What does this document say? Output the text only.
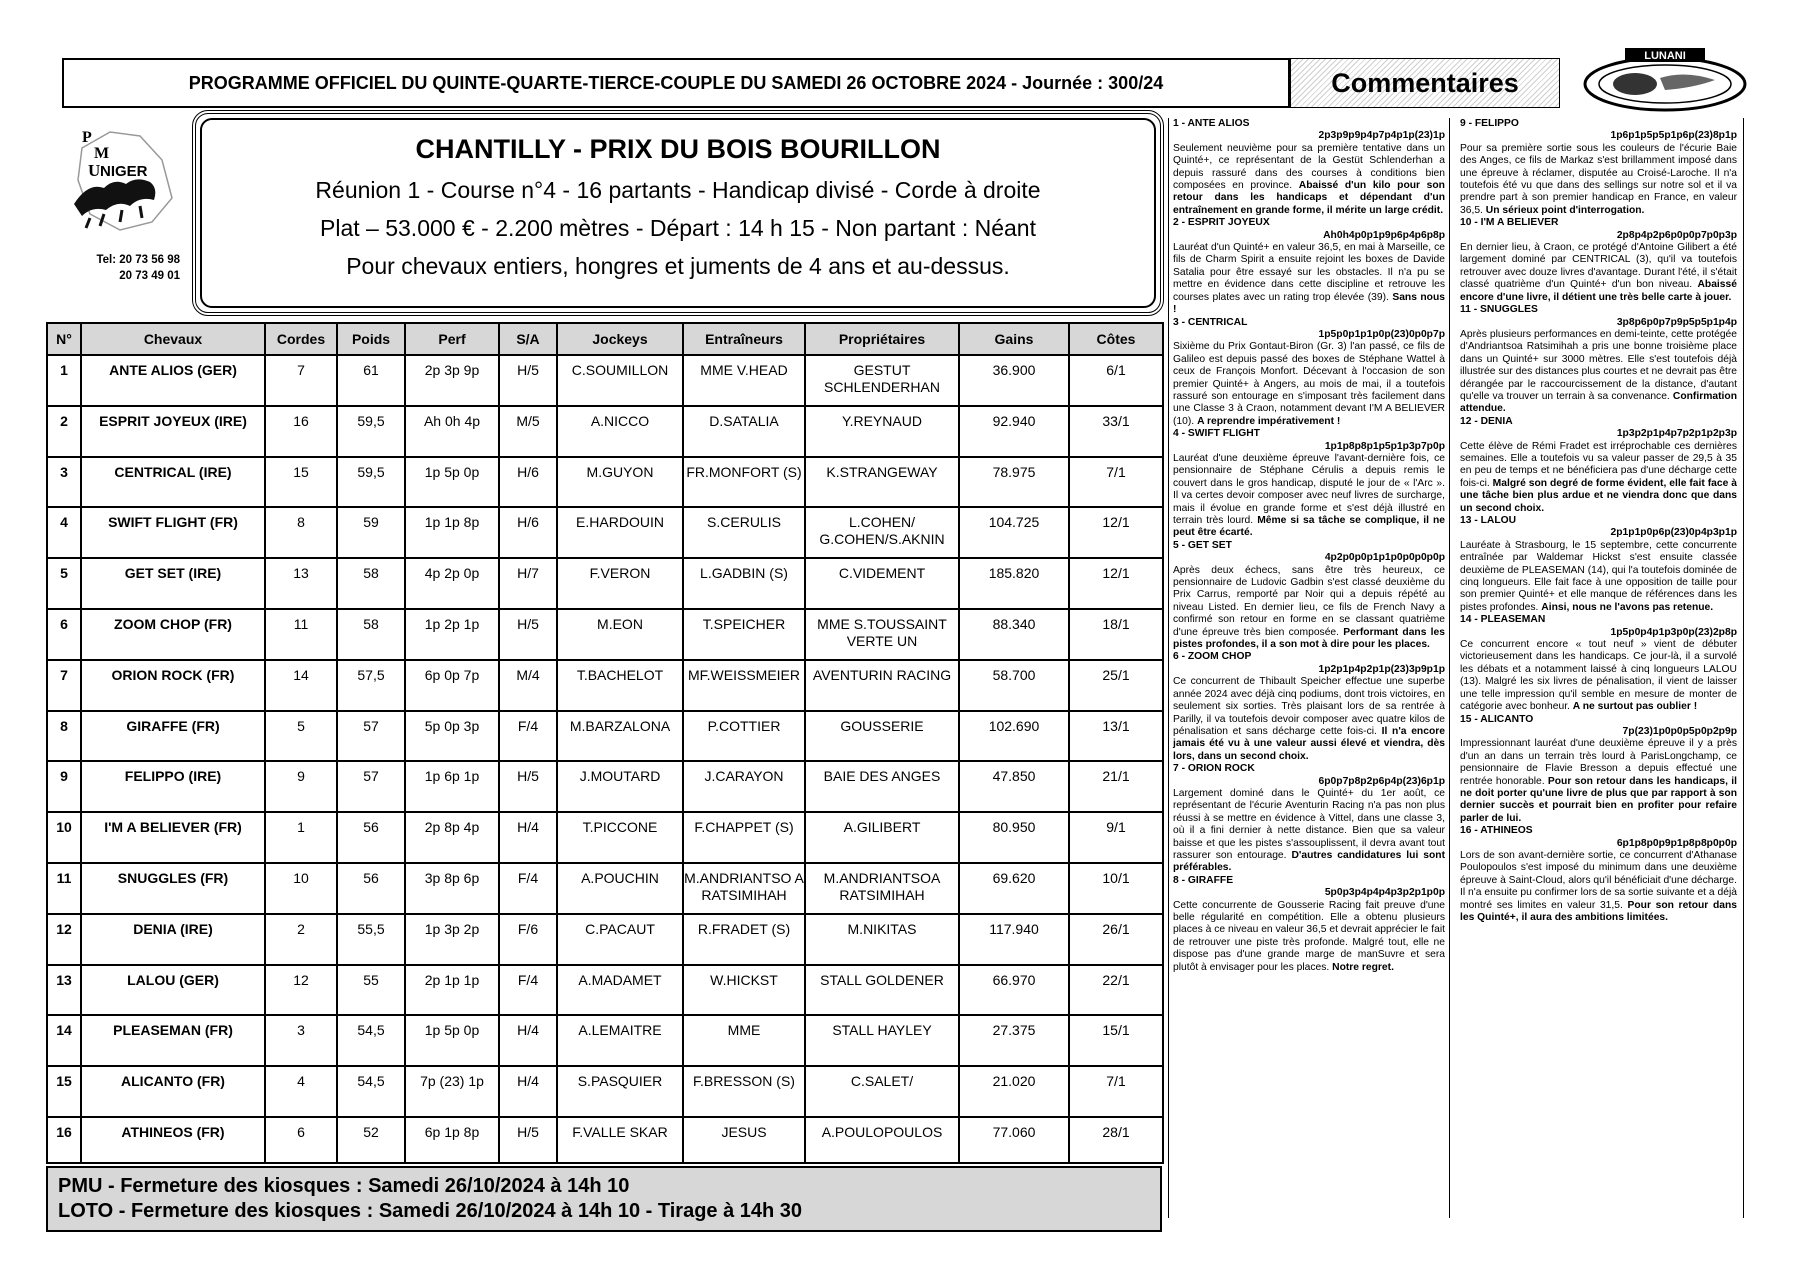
PROGRAMME OFFICIEL DU QUINTE-QUARTE-TIERCE-COUPLE DU SAMEDI 26 OCTOBRE 2024 - Journée : 300/24	Commentaires
LUNANI
P
M
U NIGER
Tel: 20 73 56 98
20 73 49 01
CHANTILLY - PRIX DU BOIS BOURILLON
Réunion 1 - Course n°4 - 16 partants - Handicap divisé - Corde à droite
Plat – 53.000 € - 2.200 mètres - Départ : 14 h 15 - Non partant : Néant
Pour chevaux entiers, hongres et juments de 4 ans et au-dessus.
N°	Chevaux	Cordes	Poids	Perf	S/A	Jockeys	Entraîneurs	Propriétaires	Gains	Côtes
1	ANTE ALIOS (GER)	7	61	2p 3p 9p	H/5	C.SOUMILLON	MME V.HEAD	GESTUT SCHLENDERHAN	36.900	6/1
2	ESPRIT JOYEUX (IRE)	16	59,5	Ah 0h 4p	M/5	A.NICCO	D.SATALIA	Y.REYNAUD	92.940	33/1
3	CENTRICAL (IRE)	15	59,5	1p 5p 0p	H/6	M.GUYON	FR.MONFORT (S)	K.STRANGEWAY	78.975	7/1
4	SWIFT FLIGHT (FR)	8	59	1p 1p 8p	H/6	E.HARDOUIN	S.CERULIS	L.COHEN/ G.COHEN/S.AKNIN	104.725	12/1
5	GET SET (IRE)	13	58	4p 2p 0p	H/7	F.VERON	L.GADBIN (S)	C.VIDEMENT	185.820	12/1
6	ZOOM CHOP (FR)	11	58	1p 2p 1p	H/5	M.EON	T.SPEICHER	MME S.TOUSSAINT VERTE UN	88.340	18/1
7	ORION ROCK (FR)	14	57,5	6p 0p 7p	M/4	T.BACHELOT	MF.WEISSMEIER	AVENTURIN RACING	58.700	25/1
8	GIRAFFE (FR)	5	57	5p 0p 3p	F/4	M.BARZALONA	P.COTTIER	GOUSSERIE	102.690	13/1
9	FELIPPO (IRE)	9	57	1p 6p 1p	H/5	J.MOUTARD	J.CARAYON	BAIE DES ANGES	47.850	21/1
10	I'M A BELIEVER (FR)	1	56	2p 8p 4p	H/4	T.PICCONE	F.CHAPPET (S)	A.GILIBERT	80.950	9/1
11	SNUGGLES (FR)	10	56	3p 8p 6p	F/4	A.POUCHIN	M.ANDRIANTSO A RATSIMIHAH	M.ANDRIANTSOA RATSIMIHAH	69.620	10/1
12	DENIA (IRE)	2	55,5	1p 3p 2p	F/6	C.PACAUT	R.FRADET (S)	M.NIKITAS	117.940	26/1
13	LALOU (GER)	12	55	2p 1p 1p	F/4	A.MADAMET	W.HICKST	STALL GOLDENER	66.970	22/1
14	PLEASEMAN (FR)	3	54,5	1p 5p 0p	H/4	A.LEMAITRE	MME	STALL HAYLEY	27.375	15/1
15	ALICANTO (FR)	4	54,5	7p (23) 1p	H/4	S.PASQUIER	F.BRESSON (S)	C.SALET/	21.020	7/1
16	ATHINEOS (FR)	6	52	6p 1p 8p	H/5	F.VALLE SKAR	JESUS	A.POULOPOULOS	77.060	28/1
PMU - Fermeture des kiosques : Samedi 26/10/2024 à 14h 10
LOTO - Fermeture des kiosques : Samedi 26/10/2024 à 14h 10 - Tirage à 14h 30
1 - ANTE ALIOS
2p3p9p9p4p7p4p1p(23)1p
Seulement neuvième pour sa première tentative dans un Quinté+, ce représentant de la Gestüt Schlenderhan a depuis rassuré dans des courses à conditions bien composées en province. Abaissé d'un kilo pour son retour dans les handicaps et dépendant d'un entraînement en grande forme, il mérite un large crédit.
2 - ESPRIT JOYEUX
Ah0h4p0p1p9p6p4p6p8p
Lauréat d'un Quinté+ en valeur 36,5, en mai à Marseille, ce fils de Charm Spirit a ensuite rejoint les boxes de Davide Satalia pour être essayé sur les obstacles. Il n'a pu se mettre en évidence dans cette discipline et retrouve les courses plates avec un rating trop élevée (39). Sans nous !
3 - CENTRICAL
1p5p0p1p1p0p(23)0p0p7p
Sixième du Prix Gontaut-Biron (Gr. 3) l'an passé, ce fils de Galileo est depuis passé des boxes de Stéphane Wattel à ceux de François Monfort. Décevant à l'occasion de son premier Quinté+ à Angers, au mois de mai, il a toutefois rassuré son entourage en s'imposant très facilement dans une Classe 3 à Craon, notamment devant I'M A BELIEVER (10). A reprendre impérativement !
4 - SWIFT FLIGHT
1p1p8p8p1p5p1p3p7p0p
Lauréat d'une deuxième épreuve l'avant-dernière fois, ce pensionnaire de Stéphane Cérulis a depuis remis le couvert dans le gros handicap, disputé le jour de « l'Arc ». Il va certes devoir composer avec neuf livres de surcharge, mais il évolue en grande forme et s'est déjà illustré en terrain très lourd. Même si sa tâche se complique, il ne peut être écarté.
5 - GET SET
4p2p0p0p1p1p0p0p0p0p
Après deux échecs, sans être très heureux, ce pensionnaire de Ludovic Gadbin s'est classé deuxième du Prix Carrus, remporté par Noir qui a depuis répété au niveau Listed. En dernier lieu, ce fils de French Navy a confirmé son retour en forme en se classant quatrième d'une épreuve très bien composée. Performant dans les pistes profondes, il a son mot à dire pour les places.
6 - ZOOM CHOP
1p2p1p4p2p1p(23)3p9p1p
Ce concurrent de Thibault Speicher effectue une superbe année 2024 avec déjà cinq podiums, dont trois victoires, en seulement six sorties. Très plaisant lors de sa rentrée à Parilly, il va toutefois devoir composer avec quatre kilos de pénalisation et sans décharge cette fois-ci. Il n'a encore jamais été vu à une valeur aussi élevé et viendra, dès lors, dans un second choix.
7 - ORION ROCK
6p0p7p8p2p6p4p(23)6p1p
Largement dominé dans le Quinté+ du 1er août, ce représentant de l'écurie Aventurin Racing n'a pas non plus réussi à se mettre en évidence à Vittel, dans une classe 3, où il a fini dernier à nette distance. Bien que sa valeur baisse et que les pistes s'assouplissent, il devra avant tout rassurer son entourage. D'autres candidatures lui sont préférables.
8 - GIRAFFE
5p0p3p4p4p4p3p2p1p0p
Cette concurrente de Gousserie Racing fait preuve d'une belle régularité en compétition. Elle a obtenu plusieurs places à ce niveau en valeur 36,5 et devrait apprécier le fait de retrouver une piste très profonde. Malgré tout, elle ne dispose pas d'une grande marge de manSuvre et sera plutôt à envisager pour les places. Notre regret.
9 - FELIPPO
1p6p1p5p5p1p6p(23)8p1p
Pour sa première sortie sous les couleurs de l'écurie Baie des Anges, ce fils de Markaz s'est brillamment imposé dans une épreuve à réclamer, disputée au Croisé-Laroche. Il n'a toutefois été vu que dans des sellings sur notre sol et il va prendre part à son premier handicap en France, en valeur 36,5. Un sérieux point d'interrogation.
10 - I'M A BELIEVER
2p8p4p2p6p0p0p7p0p3p
En dernier lieu, à Craon, ce protégé d'Antoine Gilibert a été largement dominé par CENTRICAL (3), qu'il va toutefois retrouver avec douze livres d'avantage. Durant l'été, il s'était classé quatrième d'un Quinté+ d'un bon niveau. Abaissé encore d'une livre, il détient une très belle carte à jouer.
11 - SNUGGLES
3p8p6p0p7p9p5p5p1p4p
Après plusieurs performances en demi-teinte, cette protégée d'Andriantsoa Ratsimihah a pris une bonne troisième place dans un Quinté+ sur 3000 mètres. Elle s'est toutefois déjà illustrée sur des distances plus courtes et ne devrait pas être dérangée par le raccourcissement de la distance, d'autant qu'elle va trouver un terrain à sa convenance. Confirmation attendue.
12 - DENIA
1p3p2p1p4p7p2p1p2p3p
Cette élève de Rémi Fradet est irréprochable ces dernières semaines. Elle a toutefois vu sa valeur passer de 29,5 à 35 en peu de temps et ne bénéficiera pas d'une décharge cette fois-ci. Malgré son degré de forme évident, elle fait face à une tâche bien plus ardue et ne viendra donc que dans un second choix.
13 - LALOU
2p1p1p0p6p(23)0p4p3p1p
Lauréate à Strasbourg, le 15 septembre, cette concurrente entraînée par Waldemar Hickst s'est ensuite classée deuxième de PLEASEMAN (14), qui l'a toutefois dominée de cinq longueurs. Elle fait face à une opposition de taille pour son premier Quinté+ et elle manque de références dans les pistes profondes. Ainsi, nous ne l'avons pas retenue.
14 - PLEASEMAN
1p5p0p4p1p3p0p(23)2p8p
Ce concurrent encore « tout neuf » vient de débuter victorieusement dans les handicaps. Ce jour-là, il a survolé les débats et a notamment laissé à cinq longueurs LALOU (13). Malgré les six livres de pénalisation, il vient de laisser une telle impression qu'il semble en mesure de monter de catégorie avec bonheur. A ne surtout pas oublier !
15 - ALICANTO
7p(23)1p0p0p5p0p2p9p
Impressionnant lauréat d'une deuxième épreuve il y a près d'un an dans un terrain très lourd à ParisLongchamp, ce pensionnaire de Flavie Bresson a depuis effectué une rentrée honorable. Pour son retour dans les handicaps, il ne doit porter qu'une livre de plus que par rapport à son dernier succès et pourrait bien en profiter pour refaire parler de lui.
16 - ATHINEOS
6p1p8p0p9p1p8p8p0p0p
Lors de son avant-dernière sortie, ce concurrent d'Athanase Poulopoulos s'est imposé du minimum dans une deuxième épreuve à Saint-Cloud, alors qu'il bénéficiait d'une décharge. Il n'a ensuite pu confirmer lors de sa sortie suivante et a déjà montré ses limites en valeur 31,5. Pour son retour dans les Quinté+, il aura des ambitions limitées.
